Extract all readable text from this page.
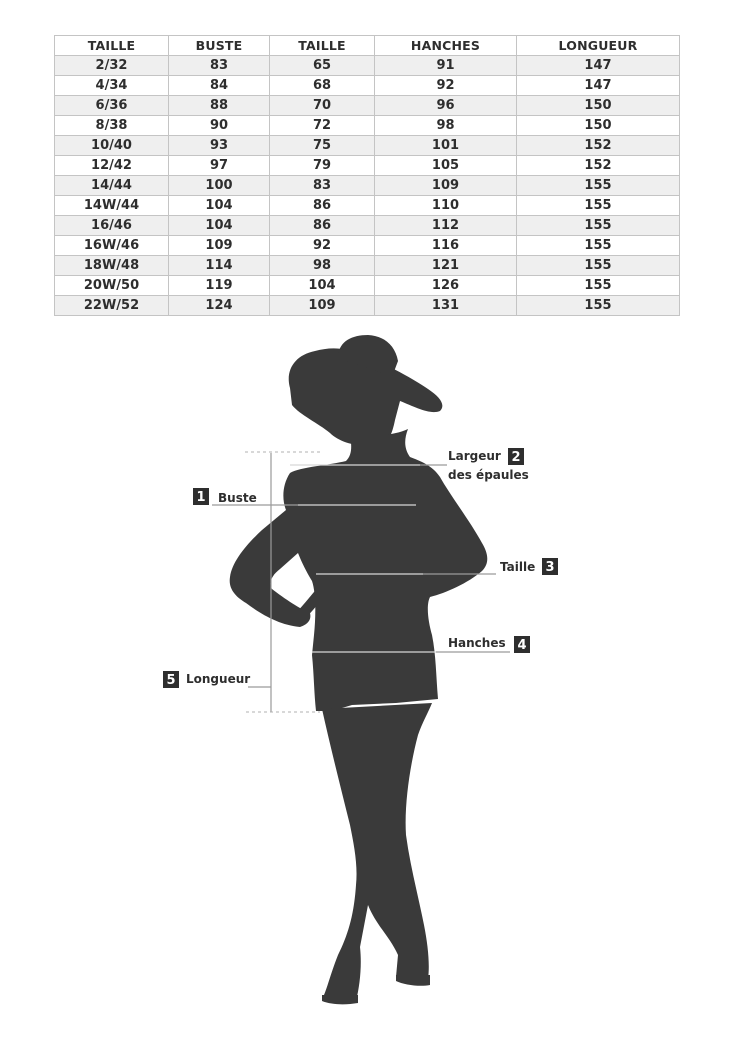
TAILLE	BUSTE	TAILLE	HANCHES	LONGUEUR
2/32	83	65	91	147
4/34	84	68	92	147
6/36	88	70	96	150
8/38	90	72	98	150
10/40	93	75	101	152
12/42	97	79	105	152
14/44	100	83	109	155
14W/44	104	86	110	155
16/46	104	86	112	155
16W/46	109	92	116	155
18W/48	114	98	121	155
20W/50	119	104	126	155
22W/52	124	109	131	155
1 Buste
2
Largeur
des épaules
3
Taille
4
Hanches
5 Longueur
